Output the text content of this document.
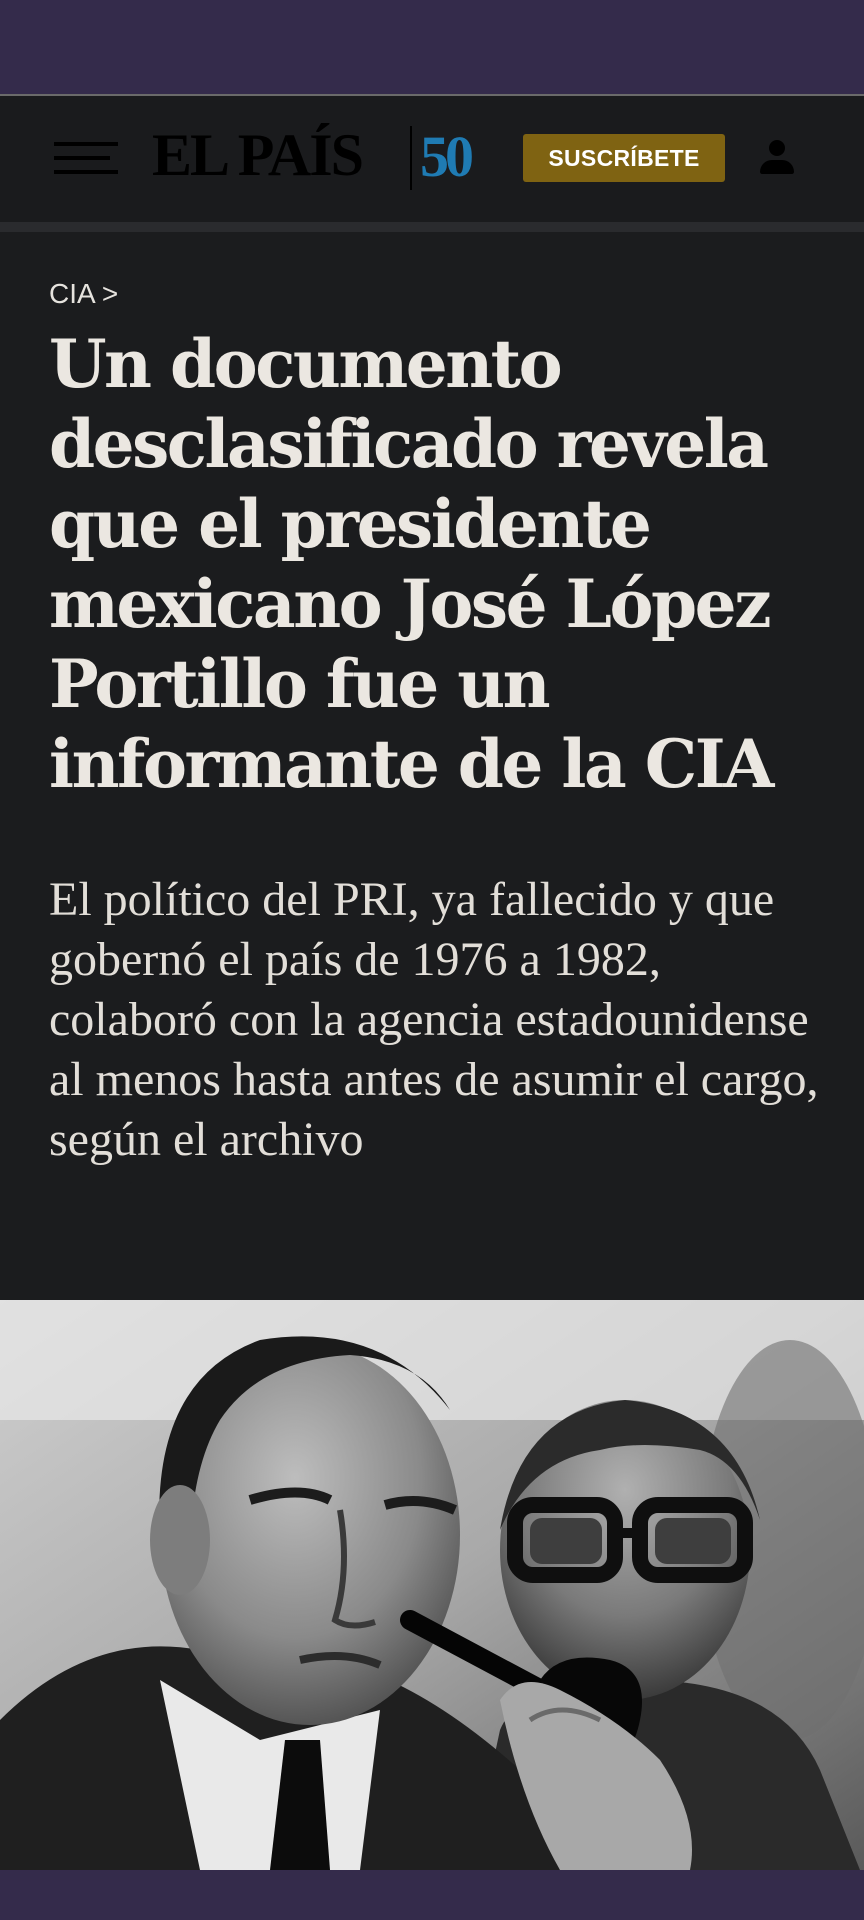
EL PAÍS 50	SUSCRÍBETE
CIA >
Un documento desclasificado revela que el presidente mexicano José López Portillo fue un informante de la CIA

El político del PRI, ya fallecido y que gobernó el país de 1976 a 1982, colaboró con la agencia estadounidense al menos hasta antes de asumir el cargo, según el archivo
